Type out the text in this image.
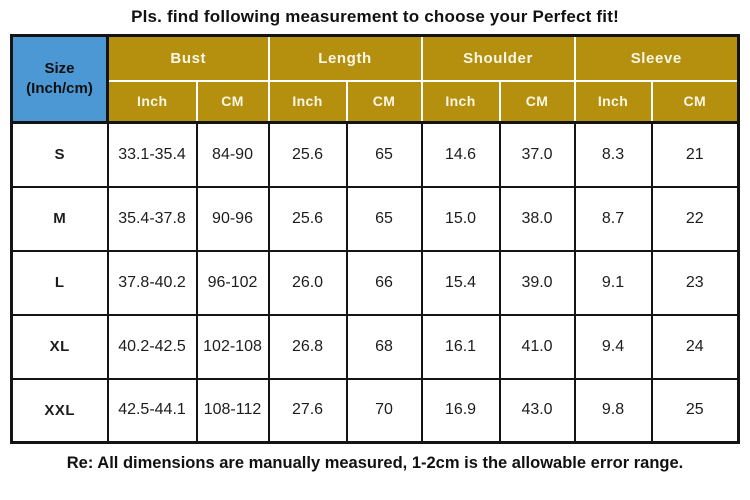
Pls. find following measurement to choose your Perfect fit!
Size
(Inch/cm)	Bust		Length		Shoulder		Sleeve	
	Inch	CM	Inch	CM	Inch	CM	Inch	CM
S	33.1-35.4	84-90	25.6	65	14.6	37.0	8.3	21
M	35.4-37.8	90-96	25.6	65	15.0	38.0	8.7	22
L	37.8-40.2	96-102	26.0	66	15.4	39.0	9.1	23
XL	40.2-42.5	102-108	26.8	68	16.1	41.0	9.4	24
XXL	42.5-44.1	108-112	27.6	70	16.9	43.0	9.8	25
Re: All dimensions are manually measured, 1-2cm is the allowable error range.
